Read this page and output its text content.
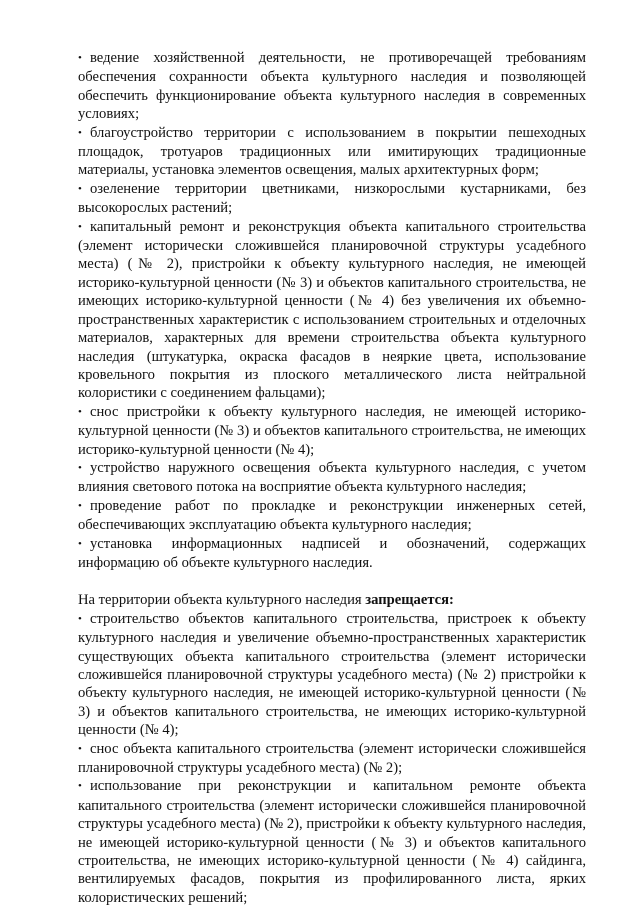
• ведение хозяйственной деятельности, не противоречащей требованиям обеспечения сохранности объекта культурного наследия и позволяющей обеспечить функционирование объекта культурного наследия в современных условиях;

• благоустройство территории с использованием в покрытии пешеходных площадок, тротуаров традиционных или имитирующих традиционные материалы, установка элементов освещения, малых архитектурных форм;

• озеленение территории цветниками, низкорослыми кустарниками, без высокорослых растений;

• капитальный ремонт и реконструкция объекта капитального строительства (элемент исторически сложившейся планировочной структуры усадебного места) (№ 2), пристройки к объекту культурного наследия, не имеющей историко-культурной ценности (№ 3) и объектов капитального строительства, не имеющих историко-культурной ценности (№ 4) без увеличения их объемно-пространственных характеристик с использованием строительных и отделочных материалов, характерных для времени строительства объекта культурного наследия (штукатурка, окраска фасадов в неяркие цвета, использование кровельного покрытия из плоского металлического листа нейтральной колористики с соединением фальцами);

• снос пристройки к объекту культурного наследия, не имеющей историко-культурной ценности (№ 3) и объектов капитального строительства, не имеющих историко-культурной ценности (№ 4);

• устройство наружного освещения объекта культурного наследия, с учетом влияния светового потока на восприятие объекта культурного наследия;

• проведение работ по прокладке и реконструкции инженерных сетей, обеспечивающих эксплуатацию объекта культурного наследия;

• установка информационных надписей и обозначений, содержащих информацию об объекте культурного наследия.

На территории объекта культурного наследия запрещается:

• строительство объектов капитального строительства, пристроек к объекту культурного наследия и увеличение объемно-пространственных характеристик существующих объекта капитального строительства (элемент исторически сложившейся планировочной структуры усадебного места) (№ 2) пристройки к объекту культурного наследия, не имеющей историко-культурной ценности (№ 3) и объектов капитального строительства, не имеющих историко-культурной ценности (№ 4);

• снос объекта капитального строительства (элемент исторически сложившейся планировочной структуры усадебного места) (№ 2);

• использование при реконструкции и капитальном ремонте объекта капитального строительства (элемент исторически сложившейся планировочной структуры усадебного места) (№ 2), пристройки к объекту культурного наследия, не имеющей историко-культурной ценности (№ 3) и объектов капитального строительства, не имеющих историко-культурной ценности (№ 4) сайдинга, вентилируемых фасадов, покрытия из профилированного листа, ярких колористических решений;
